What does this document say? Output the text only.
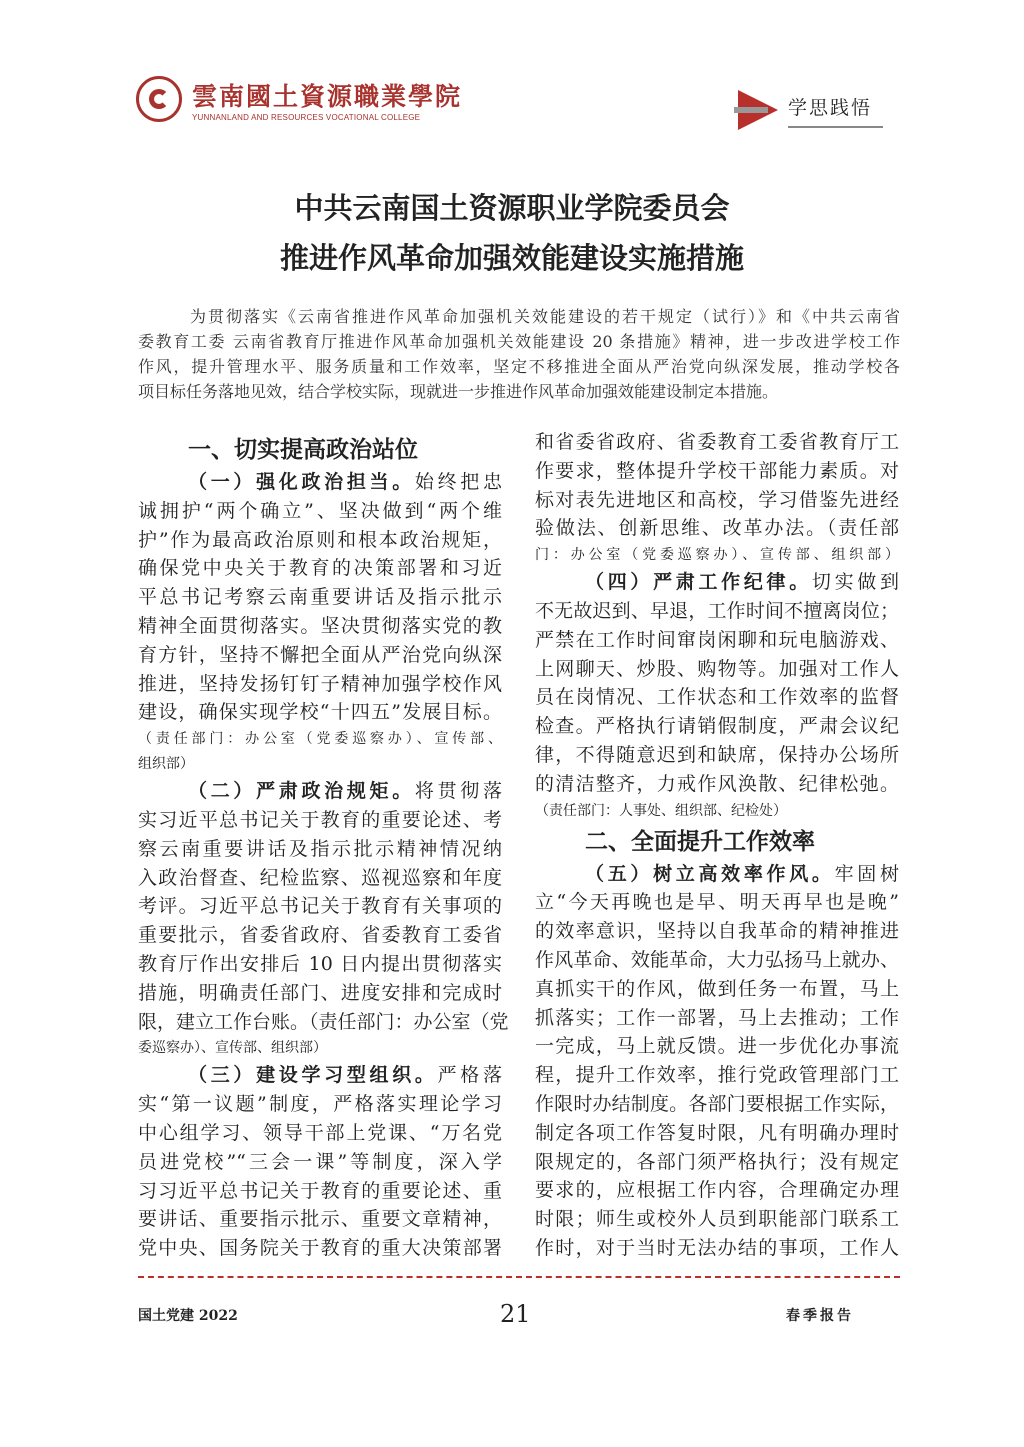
雲南國土資源職業學院
YUNNANLAND AND RESOURCES VOCATIONAL COLLEGE	学思践悟
中共云南国土资源职业学院委员会
推进作风革命加强效能建设实施措施
为贯彻落实《云南省推进作风革命加强机关效能建设的若干规定（试行）》和《中共云南省
委教育工委 云南省教育厅推进作风革命加强机关效能建设 20 条措施》精神，进一步改进学校工作
作风，提升管理水平、服务质量和工作效率，坚定不移推进全面从严治党向纵深发展，推动学校各
项目标任务落地见效，结合学校实际，现就进一步推进作风革命加强效能建设制定本措施。
一、切实提高政治站位
（一）强化政治担当。始终把忠
诚拥护“两个确立”、坚决做到“两个维
护”作为最高政治原则和根本政治规矩，
确保党中央关于教育的决策部署和习近
平总书记考察云南重要讲话及指示批示
精神全面贯彻落实。坚决贯彻落实党的教
育方针，坚持不懈把全面从严治党向纵深
推进，坚持发扬钉钉子精神加强学校作风
建设，确保实现学校“十四五”发展目标。
（责任部门：办公室（党委巡察办）、宣传部、
组织部）
（二）严肃政治规矩。将贯彻落
实习近平总书记关于教育的重要论述、考
察云南重要讲话及指示批示精神情况纳
入政治督查、纪检监察、巡视巡察和年度
考评。习近平总书记关于教育有关事项的
重要批示，省委省政府、省委教育工委省
教育厅作出安排后 10 日内提出贯彻落实
措施，明确责任部门、进度安排和完成时
限，建立工作台账。（责任部门：办公室（党
委巡察办）、宣传部、组织部）
（三）建设学习型组织。严格落
实“第一议题”制度，严格落实理论学习
中心组学习、领导干部上党课、“万名党
员进党校”“三会一课”等制度，深入学
习习近平总书记关于教育的重要论述、重
要讲话、重要指示批示、重要文章精神，
党中央、国务院关于教育的重大决策部署
和省委省政府、省委教育工委省教育厅工
作要求，整体提升学校干部能力素质。对
标对表先进地区和高校，学习借鉴先进经
验做法、创新思维、改革办法。（责任部
门：办公室（党委巡察办）、宣传部、组织部）
（四）严肃工作纪律。切实做到
不无故迟到、早退，工作时间不擅离岗位；
严禁在工作时间窜岗闲聊和玩电脑游戏、
上网聊天、炒股、购物等。加强对工作人
员在岗情况、工作状态和工作效率的监督
检查。严格执行请销假制度，严肃会议纪
律，不得随意迟到和缺席，保持办公场所
的清洁整齐，力戒作风涣散、纪律松弛。
（责任部门：人事处、组织部、纪检处）
二、全面提升工作效率
（五）树立高效率作风。牢固树
立“今天再晚也是早、明天再早也是晚”
的效率意识，坚持以自我革命的精神推进
作风革命、效能革命，大力弘扬马上就办、
真抓实干的作风，做到任务一布置，马上
抓落实；工作一部署，马上去推动；工作
一完成，马上就反馈。进一步优化办事流
程，提升工作效率，推行党政管理部门工
作限时办结制度。各部门要根据工作实际，
制定各项工作答复时限，凡有明确办理时
限规定的，各部门须严格执行；没有规定
要求的，应根据工作内容，合理确定办理
时限；师生或校外人员到职能部门联系工
作时，对于当时无法办结的事项，工作人
国土党建 2022	21	春季报告
